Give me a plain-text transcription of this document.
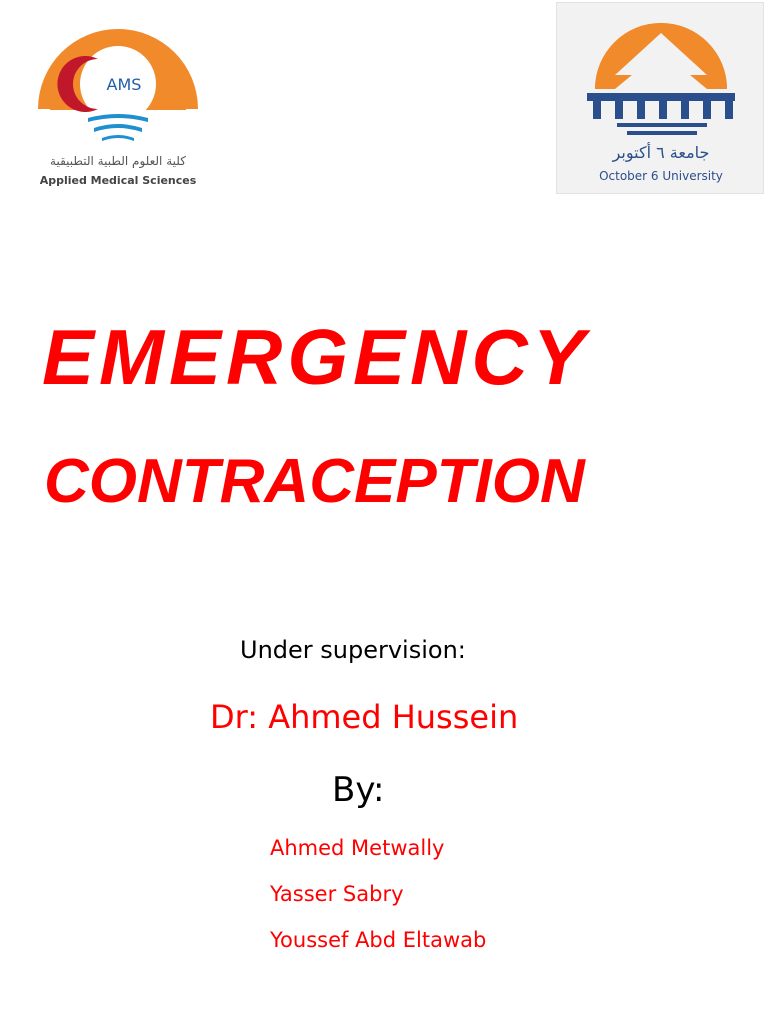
AMS
كلية العلوم الطبية التطبيقية
Applied Medical Sciences
جامعة ٦ أكتوبر
October 6 University
EMERGENCY
CONTRACEPTION
Under supervision:
Dr: Ahmed Hussein
By:
Ahmed Metwally
Yasser Sabry
Youssef Abd Eltawab
